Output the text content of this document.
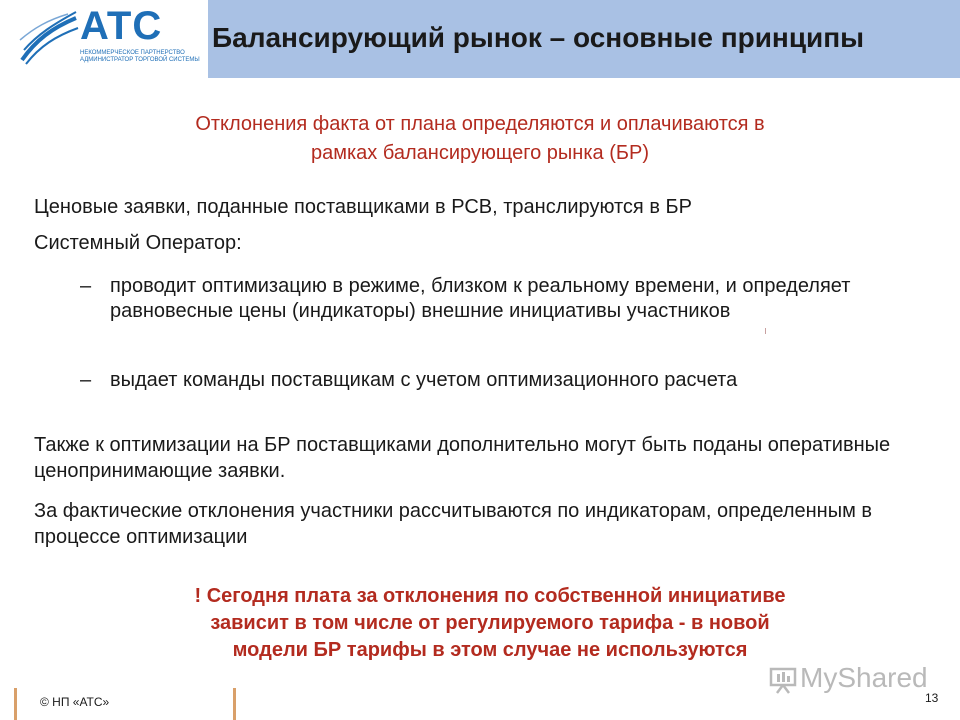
ATC
НЕКОММЕРЧЕСКОЕ ПАРТНЕРСТВО АДМИНИСТРАТОР ТОРГОВОЙ СИСТЕМЫ
Балансирующий рынок – основные принципы
Отклонения факта от плана определяются и оплачиваются в
рамках балансирующего рынка (БР)
Ценовые заявки, поданные поставщиками в РСВ, транслируются в БР
Системный Оператор:
– проводит оптимизацию в режиме, близком к реальному времени, и определяет равновесные цены (индикаторы) внешние инициативы участников
– выдает команды поставщикам с учетом оптимизационного расчета
Также к оптимизации на БР поставщиками дополнительно могут быть поданы оперативные ценопринимающие заявки.
За фактические отклонения участники рассчитываются по индикаторам, определенным в процессе оптимизации
! Сегодня плата за отклонения по собственной инициативе
зависит в том числе от регулируемого тарифа - в новой
модели БР тарифы в этом случае не используются
© НП «АТС»
MyShared
13
